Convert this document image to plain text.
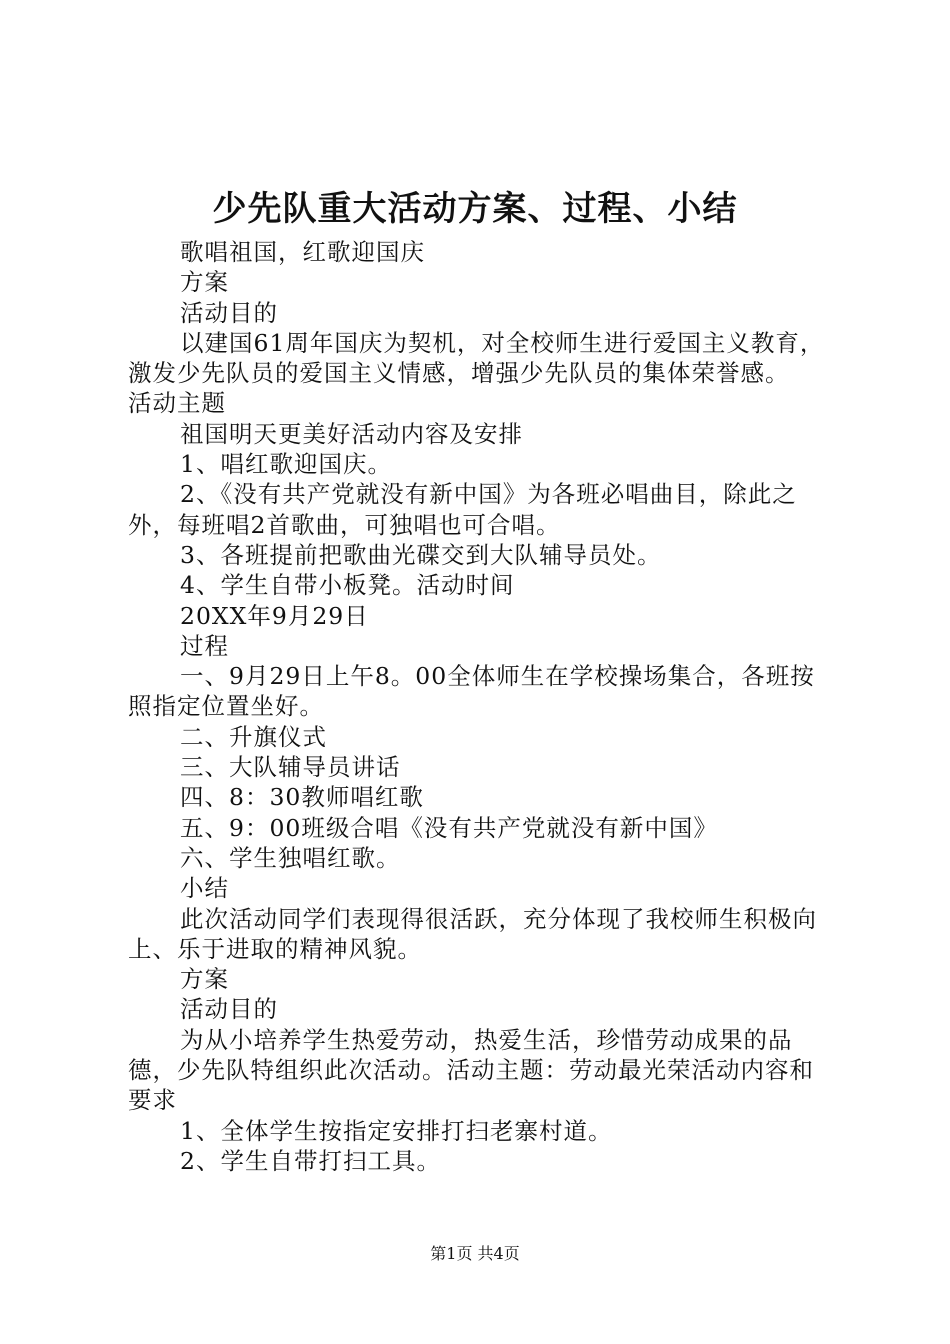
少先队重大活动方案、过程、小结

歌唱祖国，红歌迎国庆

方案

活动目的

以建国61周年国庆为契机，对全校师生进行爱国主义教育，激发少先队员的爱国主义情感，增强少先队员的集体荣誉感。

活动主题

祖国明天更美好活动内容及安排

1、唱红歌迎国庆。

2、《没有共产党就没有新中国》为各班必唱曲目，除此之外，每班唱2首歌曲，可独唱也可合唱。

3、各班提前把歌曲光碟交到大队辅导员处。

4、学生自带小板凳。活动时间

20XX年9月29日

过程

一、9月29日上午8。00全体师生在学校操场集合，各班按照指定位置坐好。

二、升旗仪式

三、大队辅导员讲话

四、8：30教师唱红歌

五、9：00班级合唱《没有共产党就没有新中国》

六、学生独唱红歌。

小结

此次活动同学们表现得很活跃，充分体现了我校师生积极向上、乐于进取的精神风貌。

方案

活动目的

为从小培养学生热爱劳动，热爱生活，珍惜劳动成果的品德，少先队特组织此次活动。活动主题：劳动最光荣活动内容和要求

1、全体学生按指定安排打扫老寨村道。

2、学生自带打扫工具。

第1页 共4页
